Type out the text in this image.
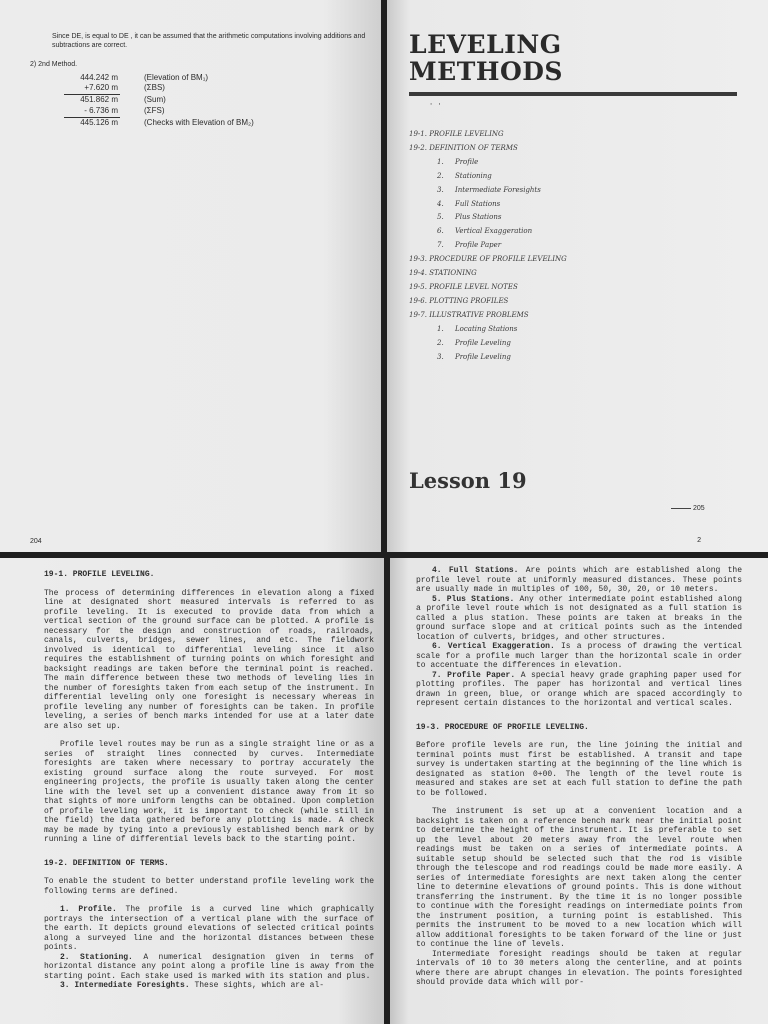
Since DE, is equal to DE , it can be assumed that the arithmetic computations involving additions and subtractions are correct.
2) 2nd Method.
444.242 m	(Elevation of BM₁)
+7.620 m	(ΣBS)
451.862 m	(Sum)
- 6.736 m	(ΣFS)
445.126 m	(Checks with Elevation of BM₂)
204
LEVELING
METHODS
· ·
19-1. PROFILE LEVELING
19-2. DEFINITION OF TERMS
1. Profile
2. Stationing
3. Intermediate Foresights
4. Full Stations
5. Plus Stations
6. Vertical Exaggeration
7. Profile Paper
19-3. PROCEDURE OF PROFILE LEVELING
19-4. STATIONING
19-5. PROFILE LEVEL NOTES
19-6. PLOTTING PROFILES
19-7. ILLUSTRATIVE PROBLEMS
1. Locating Stations
2. Profile Leveling
3. Profile Leveling
Lesson 19
205
2
19-1. PROFILE LEVELING.

The process of determining differences in elevation along a fixed line at designated short measured intervals is referred to as profile leveling. It is executed to provide data from which a vertical section of the ground surface can be plotted. A profile is necessary for the design and construction of roads, railroads, canals, culverts, bridges, sewer lines, and etc. The fieldwork involved is identical to differential leveling since it also requires the establishment of turning points on which foresight and backsight readings are taken before the terminal point is reached. The main difference between these two methods of leveling lies in the number of foresights taken from each setup of the instrument. In differential leveling only one foresight is necessary whereas in profile leveling any number of foresights can be taken. In profile leveling, a series of bench marks intended for use at a later date are also set up.

Profile level routes may be run as a single straight line or as a series of straight lines connected by curves. Intermediate foresights are taken where necessary to portray accurately the existing ground surface along the route surveyed. For most engineering projects, the profile is usually taken along the center line with the level set up a convenient distance away from it so that sights of more uniform lengths can be obtained. Upon completion of profile leveling work, it is important to check (while still in the field) the data gathered before any plotting is made. A check may be made by tying into a previously established bench mark or by running a line of differential levels back to the starting point.

19-2. DEFINITION OF TERMS.

To enable the student to better understand profile leveling work the following terms are defined.

1. Profile. The profile is a curved line which graphically portrays the intersection of a vertical plane with the surface of the earth. It depicts ground elevations of selected critical points along a surveyed line and the horizontal distances between these points.

2. Stationing. A numerical designation given in terms of horizontal distance any point along a profile line is away from the starting point. Each stake used is marked with its station and plus.

3. Intermediate Foresights. These sights, which are al-

4. Full Stations. Are points which are established along the profile level route at uniformly measured distances. These points are usually made in multiples of 100, 50, 30, 20, or 10 meters.

5. Plus Stations. Any other intermediate point established along a profile level route which is not designated as a full station is called a plus station. These points are taken at breaks in the ground surface slope and at critical points such as the intended location of culverts, bridges, and other structures.

6. Vertical Exaggeration. Is a process of drawing the vertical scale for a profile much larger than the horizontal scale in order to accentuate the differences in elevation.

7. Profile Paper. A special heavy grade graphing paper used for plotting profiles. The paper has horizontal and vertical lines drawn in green, blue, or orange which are spaced accordingly to represent certain distances to the horizontal and vertical scales.

19-3. PROCEDURE OF PROFILE LEVELING.

Before profile levels are run, the line joining the initial and terminal points must first be established. A transit and tape survey is undertaken starting at the beginning of the line which is designated as station 0+00. The length of the level route is measured and stakes are set at each full station to define the path to be followed.

The instrument is set up at a convenient location and a backsight is taken on a reference bench mark near the initial point to determine the height of the instrument. It is preferable to set up the level about 20 meters away from the level route when readings must be taken on a series of intermediate points. A suitable setup should be selected such that the rod is visible through the telescope and rod readings could be made more easily. A series of intermediate foresights are next taken along the center line to determine elevations of ground points. This is done without transferring the instrument. By the time it is no longer possible to continue with the foresight readings on intermediate points from the instrument position, a turning point is established. This permits the instrument to be moved to a new location which will allow additional foresights to be taken forward of the line or just to continue the line of levels.

Intermediate foresight readings should be taken at regular intervals of 10 to 30 meters along the centerline, and at points where there are abrupt changes in elevation. The points foresighted should provide data which will por-
